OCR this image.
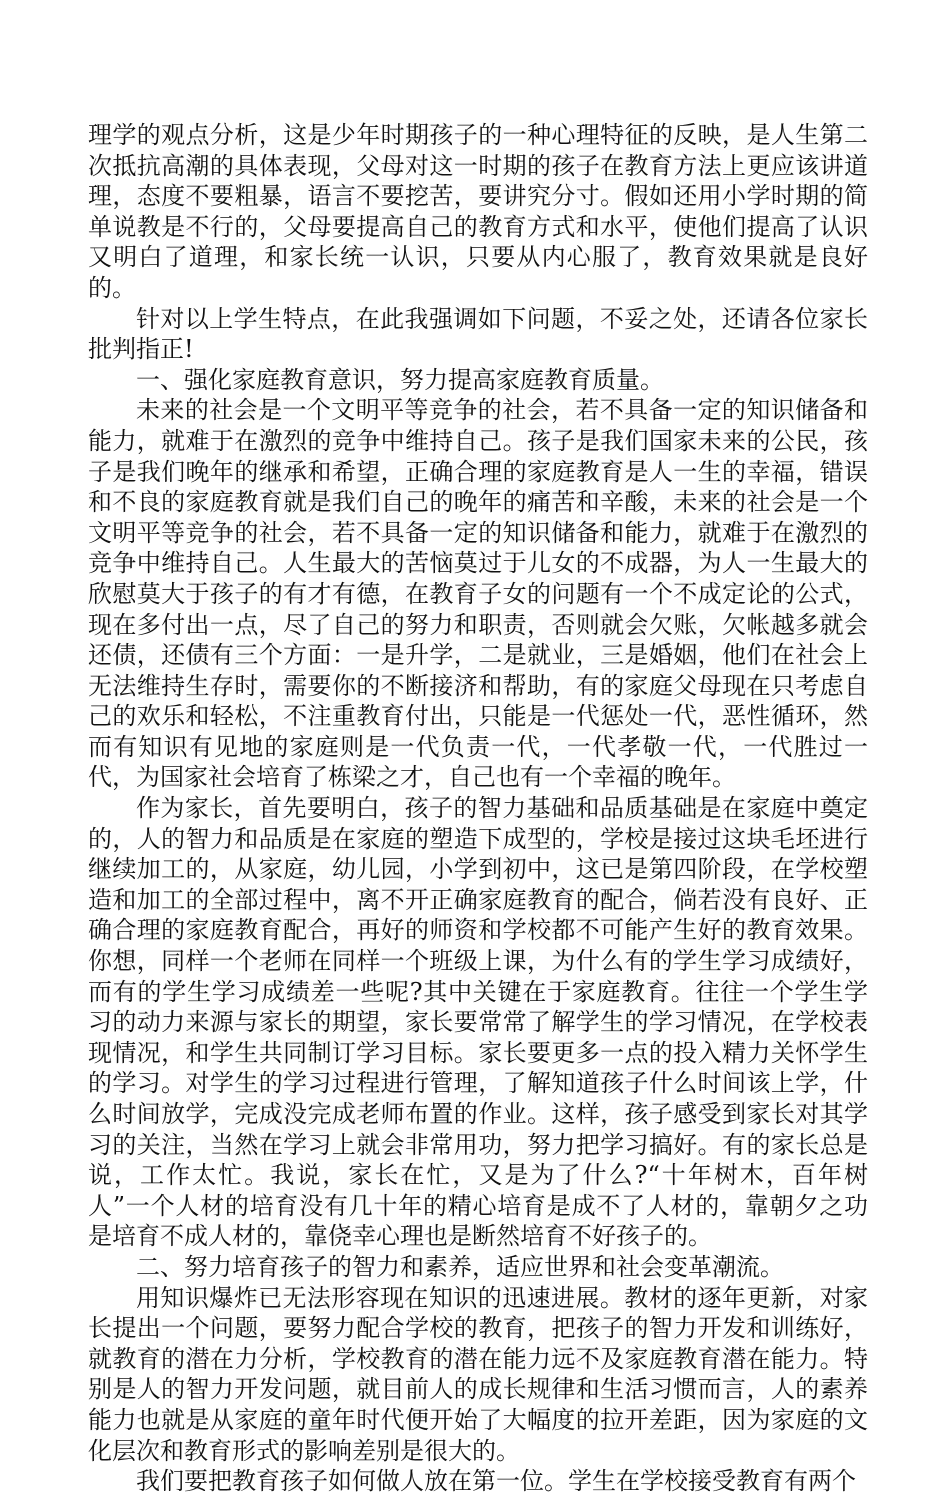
理学的观点分析，这是少年时期孩子的一种心理特征的反映，是人生第二次抵抗高潮的具体表现，父母对这一时期的孩子在教育方法上更应该讲道理，态度不要粗暴，语言不要挖苦，要讲究分寸。假如还用小学时期的简单说教是不行的，父母要提高自己的教育方式和水平，使他们提高了认识又明白了道理，和家长统一认识，只要从内心服了，教育效果就是良好的。

针对以上学生特点，在此我强调如下问题，不妥之处，还请各位家长批判指正!

一、强化家庭教育意识，努力提高家庭教育质量。

未来的社会是一个文明平等竞争的社会，若不具备一定的知识储备和能力，就难于在激烈的竞争中维持自己。孩子是我们国家未来的公民，孩子是我们晚年的继承和希望，正确合理的家庭教育是人一生的幸福，错误和不良的家庭教育就是我们自己的晚年的痛苦和辛酸，未来的社会是一个文明平等竞争的社会，若不具备一定的知识储备和能力，就难于在激烈的竞争中维持自己。人生最大的苦恼莫过于儿女的不成器，为人一生最大的欣慰莫大于孩子的有才有德，在教育子女的问题有一个不成定论的公式，现在多付出一点，尽了自己的努力和职责，否则就会欠账，欠帐越多就会还债，还债有三个方面：一是升学，二是就业，三是婚姻，他们在社会上无法维持生存时，需要你的不断接济和帮助，有的家庭父母现在只考虑自己的欢乐和轻松，不注重教育付出，只能是一代惩处一代，恶性循环，然而有知识有见地的家庭则是一代负责一代，一代孝敬一代，一代胜过一代，为国家社会培育了栋梁之才，自己也有一个幸福的晚年。

作为家长，首先要明白，孩子的智力基础和品质基础是在家庭中奠定的，人的智力和品质是在家庭的塑造下成型的，学校是接过这块毛坯进行继续加工的，从家庭，幼儿园，小学到初中，这已是第四阶段，在学校塑造和加工的全部过程中，离不开正确家庭教育的配合，倘若没有良好、正确合理的家庭教育配合，再好的师资和学校都不可能产生好的教育效果。你想，同样一个老师在同样一个班级上课，为什么有的学生学习成绩好，而有的学生学习成绩差一些呢?其中关键在于家庭教育。往往一个学生学习的动力来源与家长的期望，家长要常常了解学生的学习情况，在学校表现情况，和学生共同制订学习目标。家长要更多一点的投入精力关怀学生的学习。对学生的学习过程进行管理，了解知道孩子什么时间该上学，什么时间放学，完成没完成老师布置的作业。这样，孩子感受到家长对其学习的关注，当然在学习上就会非常用功，努力把学习搞好。有的家长总是说，工作太忙。我说，家长在忙，又是为了什么?“十年树木，百年树人”一个人材的培育没有几十年的精心培育是成不了人材的，靠朝夕之功是培育不成人材的，靠侥幸心理也是断然培育不好孩子的。

二、努力培育孩子的智力和素养，适应世界和社会变革潮流。

用知识爆炸已无法形容现在知识的迅速进展。教材的逐年更新，对家长提出一个问题，要努力配合学校的教育，把孩子的智力开发和训练好，就教育的潜在力分析，学校教育的潜在能力远不及家庭教育潜在能力。特别是人的智力开发问题，就目前人的成长规律和生活习惯而言，人的素养能力也就是从家庭的童年时代便开始了大幅度的拉开差距，因为家庭的文化层次和教育形式的影响差别是很大的。

我们要把教育孩子如何做人放在第一位。学生在学校接受教育有两个
